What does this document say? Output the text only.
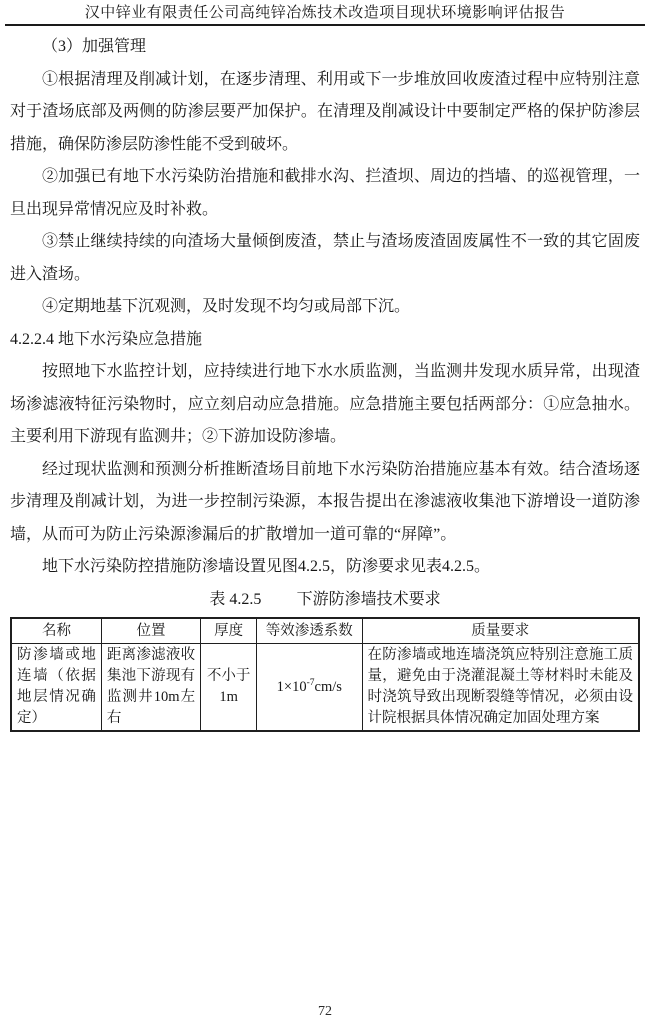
汉中锌业有限责任公司高纯锌冶炼技术改造项目现状环境影响评估报告

（3）加强管理

①根据清理及削减计划，在逐步清理、利用或下一步堆放回收废渣过程中应特别注意对于渣场底部及两侧的防渗层要严加保护。在清理及削减设计中要制定严格的保护防渗层措施，确保防渗层防渗性能不受到破坏。

②加强已有地下水污染防治措施和截排水沟、拦渣坝、周边的挡墙、的巡视管理，一旦出现异常情况应及时补救。

③禁止继续持续的向渣场大量倾倒废渣，禁止与渣场废渣固废属性不一致的其它固废进入渣场。

④定期地基下沉观测，及时发现不均匀或局部下沉。

4.2.2.4 地下水污染应急措施

按照地下水监控计划，应持续进行地下水水质监测，当监测井发现水质异常，出现渣场渗滤液特征污染物时，应立刻启动应急措施。应急措施主要包括两部分：①应急抽水。主要利用下游现有监测井；②下游加设防渗墙。

经过现状监测和预测分析推断渣场目前地下水污染防治措施应基本有效。结合渣场逐步清理及削减计划，为进一步控制污染源，本报告提出在渗滤液收集池下游增设一道防渗墙，从而可为防止污染源渗漏后的扩散增加一道可靠的“屏障”。

地下水污染防控措施防渗墙设置见图4.2.5，防渗要求见表4.2.5。

表 4.2.5 下游防渗墙技术要求

名称	位置	厚度	等效渗透系数	质量要求
防渗墙或地连墙（依据地层情况确定）	距离渗滤液收集池下游现有监测井10m左右	不小于1m	$1\times 10^{-7}cm/s$	在防渗墙或地连墙浇筑应特别注意施工质量，避免由于浇灌混凝土等材料时未能及时浇筑导致出现断裂缝等情况，必须由设计院根据具体情况确定加固处理方案
72
